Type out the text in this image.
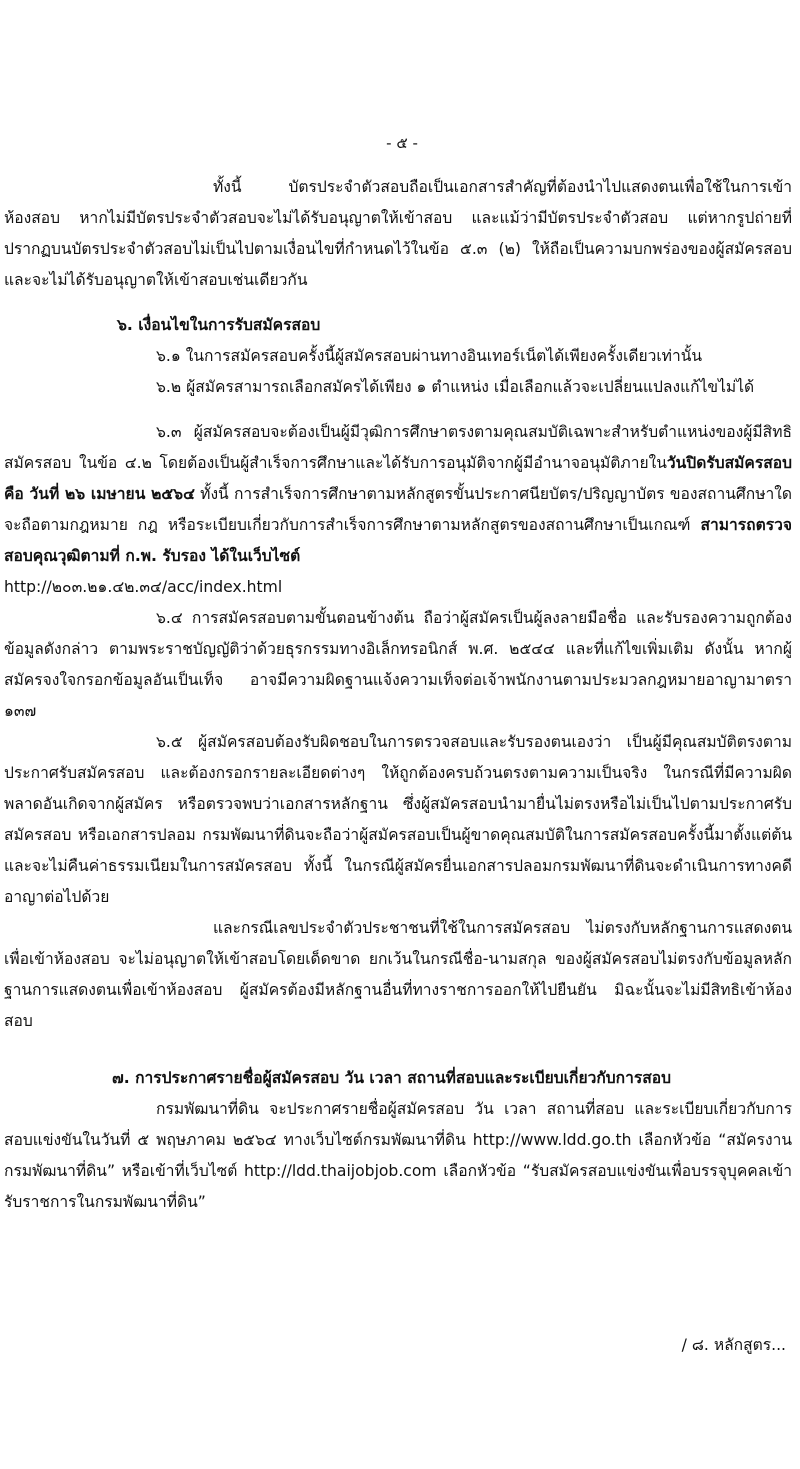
- ๕ -

ทั้งนี้	บัตรประจำตัวสอบถือเป็นเอกสารสำคัญที่ต้องนำไปแสดงตนเพื่อใช้ในการเข้าห้องสอบ หากไม่มีบัตรประจำตัวสอบจะไม่ได้รับอนุญาตให้เข้าสอบ และแม้ว่ามีบัตรประจำตัวสอบ แต่หากรูปถ่ายที่ปรากฏบนบัตรประจำตัวสอบไม่เป็นไปตามเงื่อนไขที่กำหนดไว้ในข้อ ๕.๓ (๒) ให้ถือเป็นความบกพร่องของผู้สมัครสอบ และจะไม่ได้รับอนุญาตให้เข้าสอบเช่นเดียวกัน

๖. เงื่อนไขในการรับสมัครสอบ

๖.๑ ในการสมัครสอบครั้งนี้ผู้สมัครสอบผ่านทางอินเทอร์เน็ตได้เพียงครั้งเดียวเท่านั้น

๖.๒ ผู้สมัครสามารถเลือกสมัครได้เพียง ๑ ตำแหน่ง เมื่อเลือกแล้วจะเปลี่ยนแปลงแก้ไขไม่ได้

๖.๓ ผู้สมัครสอบจะต้องเป็นผู้มีวุฒิการศึกษาตรงตามคุณสมบัติเฉพาะสำหรับตำแหน่งของผู้มีสิทธิสมัครสอบ ในข้อ ๔.๒ โดยต้องเป็นผู้สำเร็จการศึกษาและได้รับการอนุมัติจากผู้มีอำนาจอนุมัติภายในวันปิดรับสมัครสอบ คือ วันที่ ๒๖ เมษายน ๒๕๖๔ ทั้งนี้ การสำเร็จการศึกษาตามหลักสูตรขั้นประกาศนียบัตร/ปริญญาบัตร ของสถานศึกษาใด จะถือตามกฎหมาย กฎ หรือระเบียบเกี่ยวกับการสำเร็จการศึกษาตามหลักสูตรของสถานศึกษาเป็นเกณฑ์ สามารถตรวจสอบคุณวุฒิตามที่ ก.พ. รับรอง ได้ในเว็บไซต์

http://๒๐๓.๒๑.๔๒.๓๔/acc/index.html

๖.๔ การสมัครสอบตามขั้นตอนข้างต้น ถือว่าผู้สมัครเป็นผู้ลงลายมือชื่อ และรับรองความถูกต้องข้อมูลดังกล่าว ตามพระราชบัญญัติว่าด้วยธุรกรรมทางอิเล็กทรอนิกส์ พ.ศ. ๒๕๔๔ และที่แก้ไขเพิ่มเติม ดังนั้น หากผู้สมัครจงใจกรอกข้อมูลอันเป็นเท็จ อาจมีความผิดฐานแจ้งความเท็จต่อเจ้าพนักงานตามประมวลกฎหมายอาญามาตรา ๑๓๗

๖.๕ ผู้สมัครสอบต้องรับผิดชอบในการตรวจสอบและรับรองตนเองว่า เป็นผู้มีคุณสมบัติตรงตามประกาศรับสมัครสอบ และต้องกรอกรายละเอียดต่างๆ ให้ถูกต้องครบถ้วนตรงตามความเป็นจริง ในกรณีที่มีความผิดพลาดอันเกิดจากผู้สมัคร หรือตรวจพบว่าเอกสารหลักฐาน ซึ่งผู้สมัครสอบนำมายื่นไม่ตรงหรือไม่เป็นไปตามประกาศรับสมัครสอบ หรือเอกสารปลอม กรมพัฒนาที่ดินจะถือว่าผู้สมัครสอบเป็นผู้ขาดคุณสมบัติในการสมัครสอบครั้งนี้มาตั้งแต่ต้น และจะไม่คืนค่าธรรมเนียมในการสมัครสอบ ทั้งนี้ ในกรณีผู้สมัครยื่นเอกสารปลอมกรมพัฒนาที่ดินจะดำเนินการทางคดีอาญาต่อไปด้วย

และกรณีเลขประจำตัวประชาชนที่ใช้ในการสมัครสอบ ไม่ตรงกับหลักฐานการแสดงตนเพื่อเข้าห้องสอบ จะไม่อนุญาตให้เข้าสอบโดยเด็ดขาด ยกเว้นในกรณีชื่อ-นามสกุล ของผู้สมัครสอบไม่ตรงกับข้อมูลหลักฐานการแสดงตนเพื่อเข้าห้องสอบ ผู้สมัครต้องมีหลักฐานอื่นที่ทางราชการออกให้ไปยืนยัน มิฉะนั้นจะไม่มีสิทธิเข้าห้องสอบ

๗. การประกาศรายชื่อผู้สมัครสอบ วัน เวลา สถานที่สอบและระเบียบเกี่ยวกับการสอบ

กรมพัฒนาที่ดิน จะประกาศรายชื่อผู้สมัครสอบ วัน เวลา สถานที่สอบ และระเบียบเกี่ยวกับการสอบแข่งขันในวันที่ ๕ พฤษภาคม ๒๕๖๔ ทางเว็บไซต์กรมพัฒนาที่ดิน http://www.ldd.go.th เลือกหัวข้อ “สมัครงานกรมพัฒนาที่ดิน” หรือเข้าที่เว็บไซต์ http://ldd.thaijobjob.com เลือกหัวข้อ “รับสมัครสอบแข่งขันเพื่อบรรจุบุคคลเข้ารับราชการในกรมพัฒนาที่ดิน”

/ ๘. หลักสูตร...
